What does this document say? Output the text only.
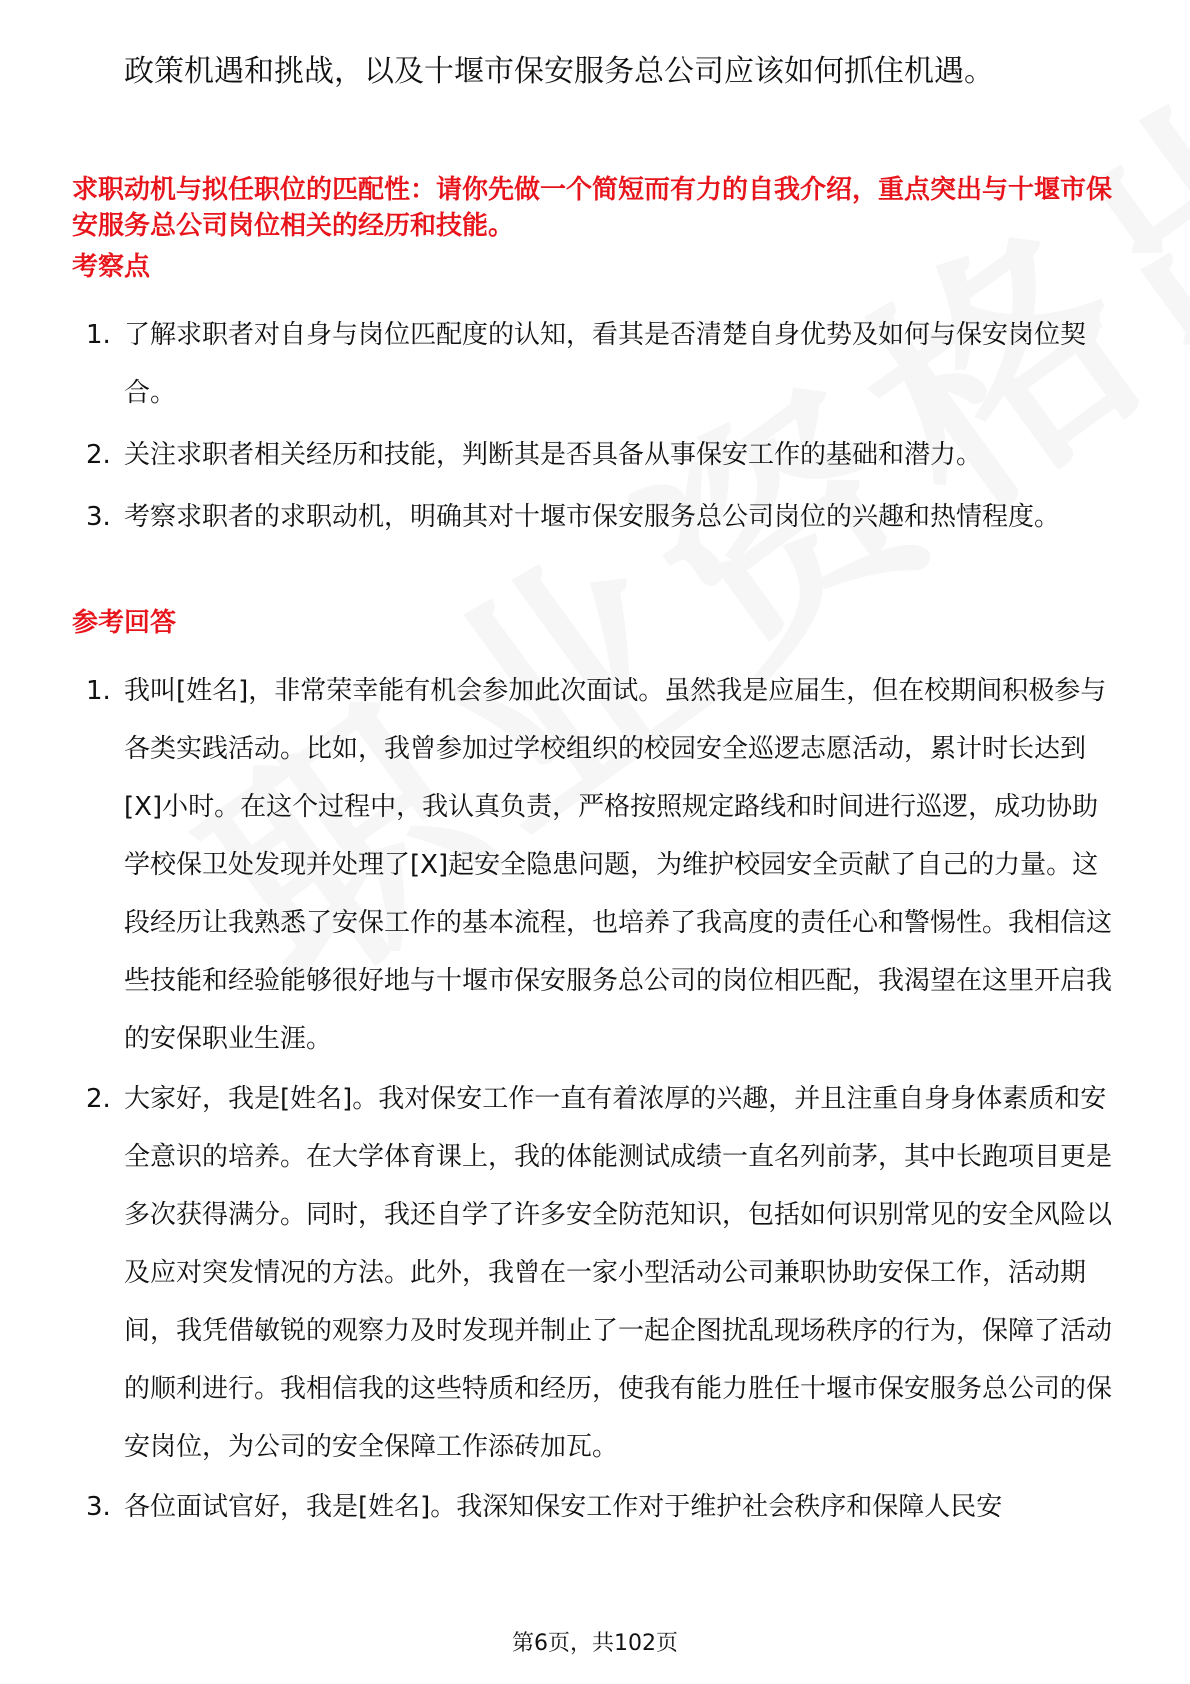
政策机遇和挑战，以及十堰市保安服务总公司应该如何抓住机遇。
求职动机与拟任职位的匹配性：请你先做一个简短而有力的自我介绍，重点突出与十堰市保安服务总公司岗位相关的经历和技能。
考察点
1. 了解求职者对自身与岗位匹配度的认知，看其是否清楚自身优势及如何与保安岗位契合。
2. 关注求职者相关经历和技能，判断其是否具备从事保安工作的基础和潜力。
3. 考察求职者的求职动机，明确其对十堰市保安服务总公司岗位的兴趣和热情程度。
参考回答
1. 我叫[姓名]，非常荣幸能有机会参加此次面试。虽然我是应届生，但在校期间积极参与各类实践活动。比如，我曾参加过学校组织的校园安全巡逻志愿活动，累计时长达到[X]小时。在这个过程中，我认真负责，严格按照规定路线和时间进行巡逻，成功协助学校保卫处发现并处理了[X]起安全隐患问题，为维护校园安全贡献了自己的力量。这段经历让我熟悉了安保工作的基本流程，也培养了我高度的责任心和警惕性。我相信这些技能和经验能够很好地与十堰市保安服务总公司的岗位相匹配，我渴望在这里开启我的安保职业生涯。
2. 大家好，我是[姓名]。我对保安工作一直有着浓厚的兴趣，并且注重自身身体素质和安全意识的培养。在大学体育课上，我的体能测试成绩一直名列前茅，其中长跑项目更是多次获得满分。同时，我还自学了许多安全防范知识，包括如何识别常见的安全风险以及应对突发情况的方法。此外，我曾在一家小型活动公司兼职协助安保工作，活动期间，我凭借敏锐的观察力及时发现并制止了一起企图扰乱现场秩序的行为，保障了活动的顺利进行。我相信我的这些特质和经历，使我有能力胜任十堰市保安服务总公司的保安岗位，为公司的安全保障工作添砖加瓦。
3. 各位面试官好，我是[姓名]。我深知保安工作对于维护社会秩序和保障人民安
第6页，共102页
